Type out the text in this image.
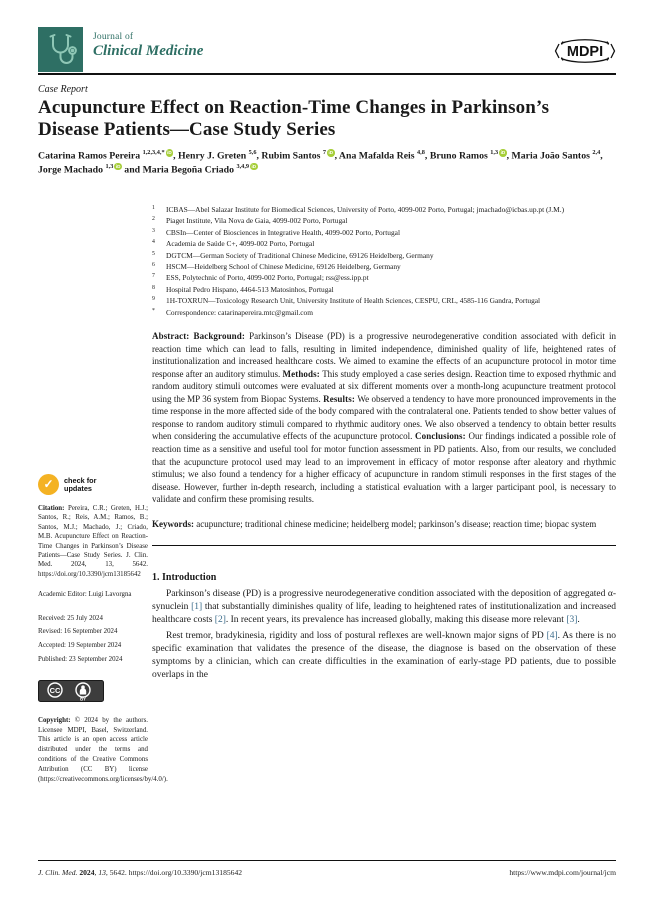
Journal of
Clinical Medicine	MDPI
Case Report
Acupuncture Effect on Reaction-Time Changes in Parkinson’s Disease Patients—Case Study Series

Catarina Ramos Pereira $^{1,2,3,4,*}$ iD, Henry J. Greten $^{5,6}$, Rubim Santos $^7$ iD, Ana Mafalda Reis $^{4,8}$, Bruno Ramos $^{1,3}$ iD, Maria João Santos $^{2,4}$, Jorge Machado $^{1,3}$ iD and Maria Begoña Criado $^{3,4,9}$ iD

1	ICBAS—Abel Salazar Institute for Biomedical Sciences, University of Porto, 4099-002 Porto, Portugal; jmachado@icbas.up.pt (J.M.)
2	Piaget Institute, Vila Nova de Gaia, 4099-002 Porto, Portugal
3	CBSIn—Center of Biosciences in Integrative Health, 4099-002 Porto, Portugal
4	Academia de Saúde C+, 4099-002 Porto, Portugal
5	DGTCM—German Society of Traditional Chinese Medicine, 69126 Heidelberg, Germany
6	HSCM—Heidelberg School of Chinese Medicine, 69126 Heidelberg, Germany
7	ESS, Polytechnic of Porto, 4099-002 Porto, Portugal; rss@ess.ipp.pt
8	Hospital Pedro Hispano, 4464-513 Matosinhos, Portugal
9	1H-TOXRUN—Toxicology Research Unit, University Institute of Health Sciences, CESPU, CRL, 4585-116 Gandra, Portugal
*	Correspondence: catarinapereira.mtc@gmail.com

Abstract: Background: Parkinson’s Disease (PD) is a progressive neurodegenerative condition associated with deficit in reaction time which can lead to falls, resulting in limited independence, diminished quality of life, heightened rates of institutionalization and increased healthcare costs. We aimed to examine the effects of an acupuncture protocol in motor time response after an auditory stimulus. Methods: This study employed a case series design. Reaction time to exposed rhythmic and random auditory stimuli outcomes were evaluated at six different moments over a month-long acupuncture treatment protocol using the MP 36 system from Biopac Systems. Results: We observed a tendency to have more pronounced improvements in the time response in the more affected side of the body compared with the contralateral one. Patients tended to show better values of response to random auditory stimuli compared to rhythmic auditory ones. We also observed a tendency to obtain better results when considering the accumulative effects of the acupuncture protocol. Conclusions: Our findings indicated a possible role of reaction time as a sensitive and useful tool for motor function assessment in PD patients. Also, from our results, we concluded that the acupuncture protocol used may lead to an improvement in efficacy of motor response after aleatory and rhythmic stimulus; we also found a tendency for a higher efficacy of acupuncture in random stimuli responses in the first stages of the disease. However, further in-depth research, including a statistical evaluation with a larger participant pool, is necessary to validate and confirm these promising results.

Keywords: acupuncture; traditional chinese medicine; heidelberg model; parkinson’s disease; reaction time; biopac system

1. Introduction

Parkinson’s disease (PD) is a progressive neurodegenerative condition associated with the deposition of aggregated α-synuclein [1] that substantially diminishes quality of life, leading to heightened rates of institutionalization and increased healthcare costs [2]. In recent years, its prevalence has increased globally, making this disease more relevant [3].

Rest tremor, bradykinesia, rigidity and loss of postural reflexes are well-known major signs of PD [4]. As there is no specific examination that validates the presence of the disease, the diagnose is based on the observation of these symptoms by a clinician, which can create difficulties in the examination of early-stage PD patients, due to possible overlaps in the

✓	check for
updates

Citation: Pereira, C.R.; Greten, H.J.; Santos, R.; Reis, A.M.; Ramos, B.; Santos, M.J.; Machado, J.; Criado, M.B. Acupuncture Effect on Reaction-Time Changes in Parkinson’s Disease Patients—Case Study Series. J. Clin. Med. 2024, 13, 5642. https://doi.org/10.3390/jcm13185642

Academic Editor: Luigi Lavorgna

Received: 25 July 2024
Revised: 16 September 2024
Accepted: 19 September 2024
Published: 23 September 2024
CC
BY

Copyright: © 2024 by the authors. Licensee MDPI, Basel, Switzerland. This article is an open access article distributed under the terms and conditions of the Creative Commons Attribution (CC BY) license (https://creativecommons.org/licenses/by/4.0/).

J. Clin. Med. 2024, 13, 5642. https://doi.org/10.3390/jcm13185642	https://www.mdpi.com/journal/jcm
